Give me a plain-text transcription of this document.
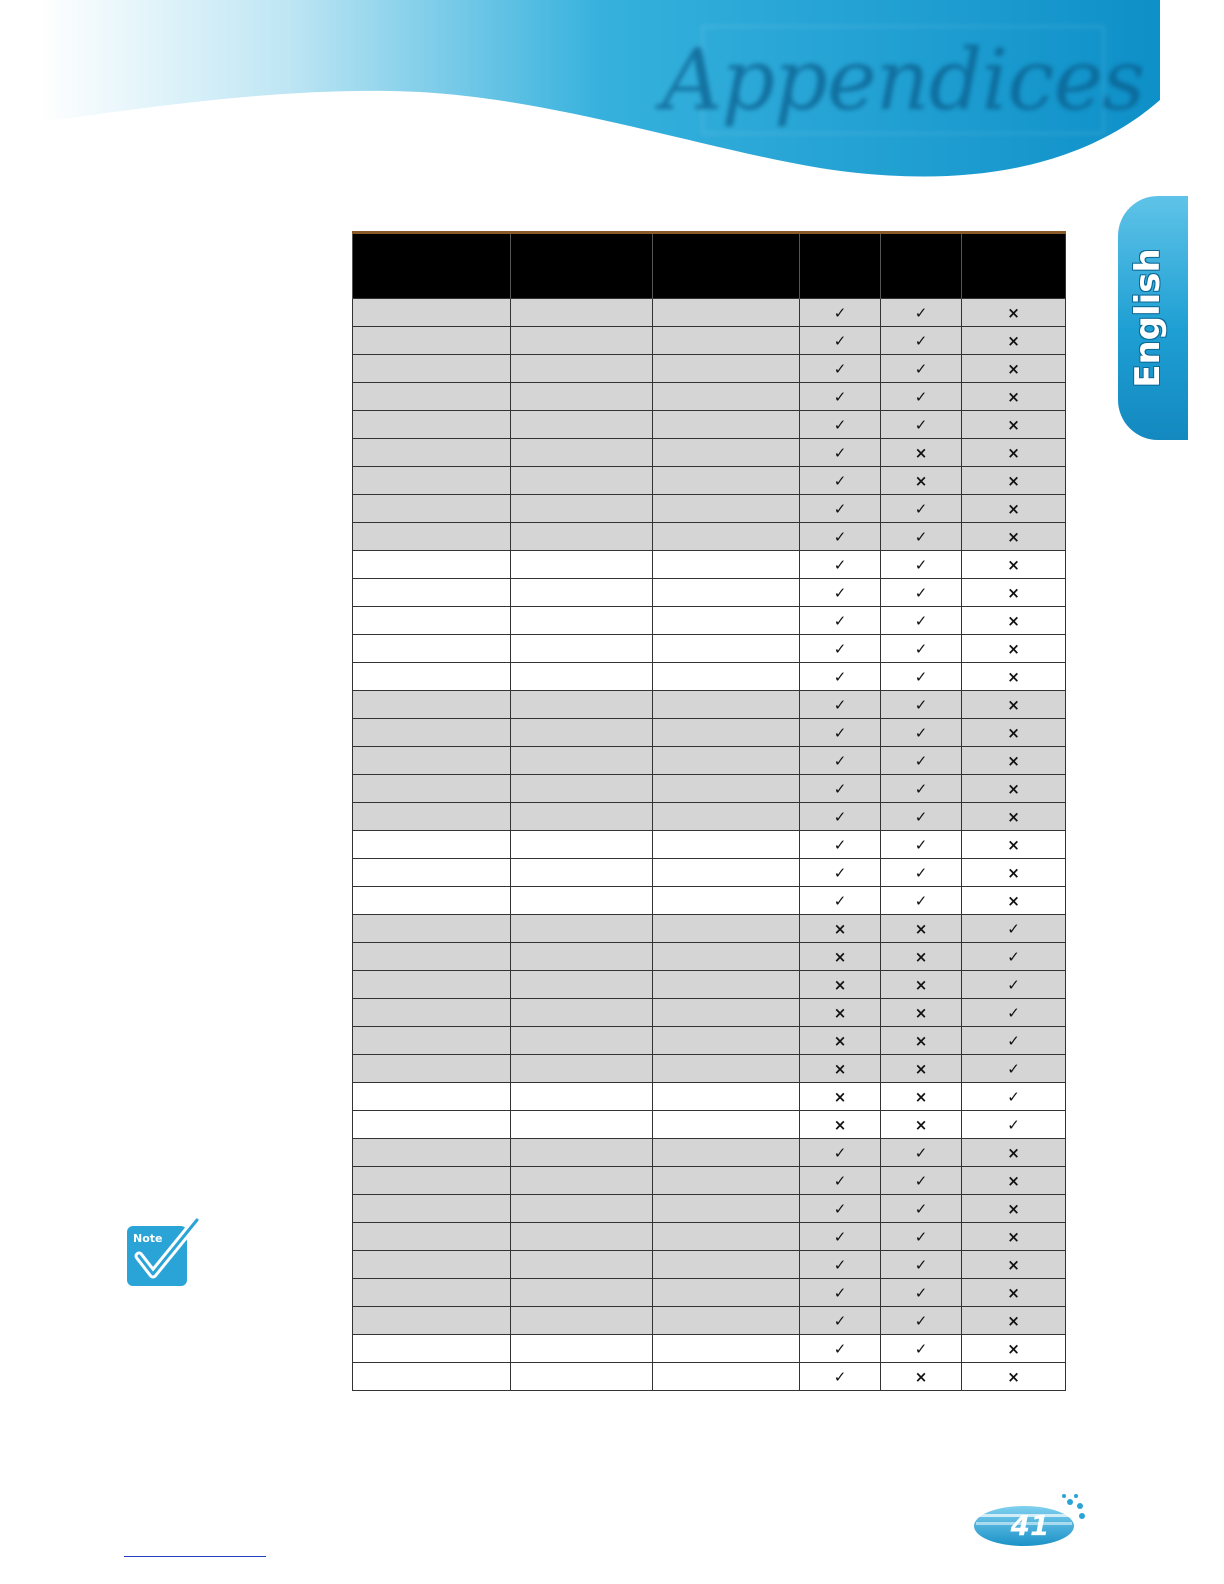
Appendices
English

			✓	✓	×
			✓	✓	×
			✓	✓	×
			✓	✓	×
			✓	✓	×
			✓	×	×
			✓	×	×
			✓	✓	×
			✓	✓	×
			✓	✓	×
			✓	✓	×
			✓	✓	×
			✓	✓	×
			✓	✓	×
			✓	✓	×
			✓	✓	×
			✓	✓	×
			✓	✓	×
			✓	✓	×
			✓	✓	×
			✓	✓	×
			✓	✓	×
			×	×	✓
			×	×	✓
			×	×	✓
			×	×	✓
			×	×	✓
			×	×	✓
			×	×	✓
			×	×	✓
			✓	✓	×
			✓	✓	×
			✓	✓	×
			✓	✓	×
			✓	✓	×
			✓	✓	×
			✓	✓	×
			✓	✓	×
			✓	×	×
Note
41
